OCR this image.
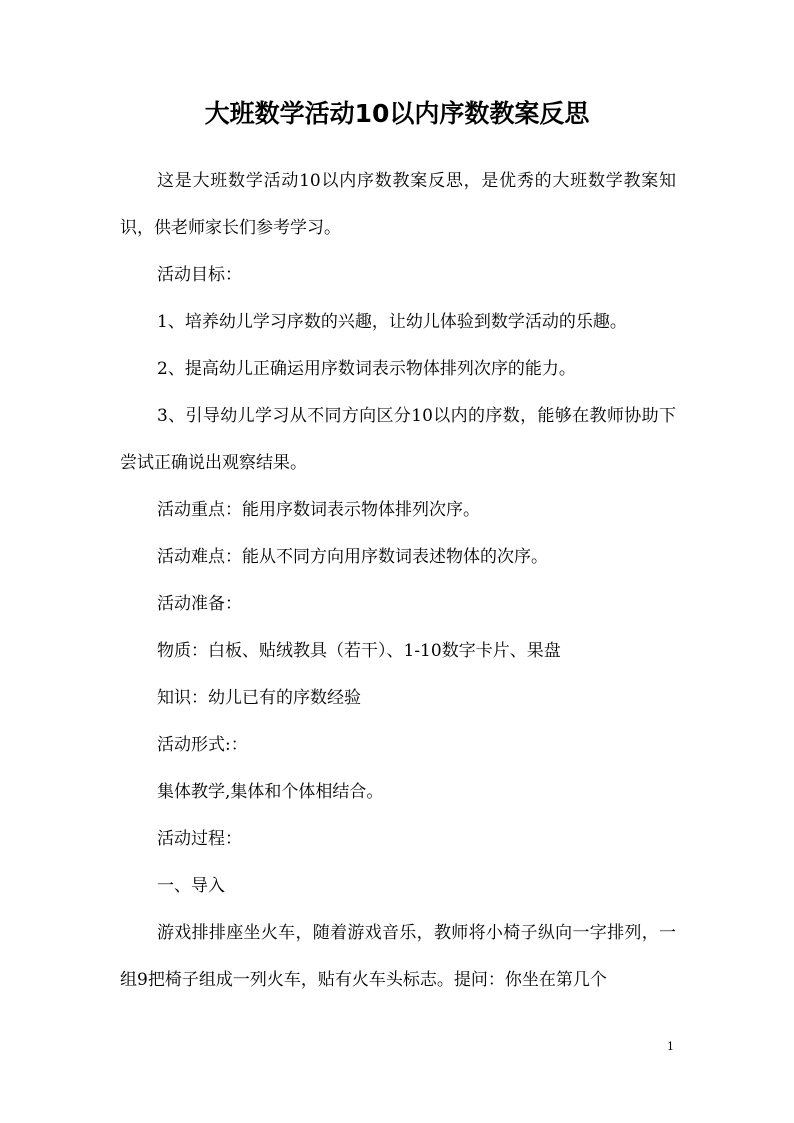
大班数学活动10以内序数教案反思

这是大班数学活动10以内序数教案反思，是优秀的大班数学教案知识，供老师家长们参考学习。

活动目标：

1、培养幼儿学习序数的兴趣，让幼儿体验到数学活动的乐趣。

2、提高幼儿正确运用序数词表示物体排列次序的能力。

3、引导幼儿学习从不同方向区分10以内的序数，能够在教师协助下尝试正确说出观察结果。

活动重点：能用序数词表示物体排列次序。

活动难点：能从不同方向用序数词表述物体的次序。

活动准备：

物质：白板、贴绒教具（若干）、1-10数字卡片、果盘

知识：幼儿已有的序数经验

活动形式:：

集体教学,集体和个体相结合。

活动过程：

一、导入

游戏排排座坐火车，随着游戏音乐，教师将小椅子纵向一字排列，一组9把椅子组成一列火车，贴有火车头标志。提问：你坐在第几个

1
